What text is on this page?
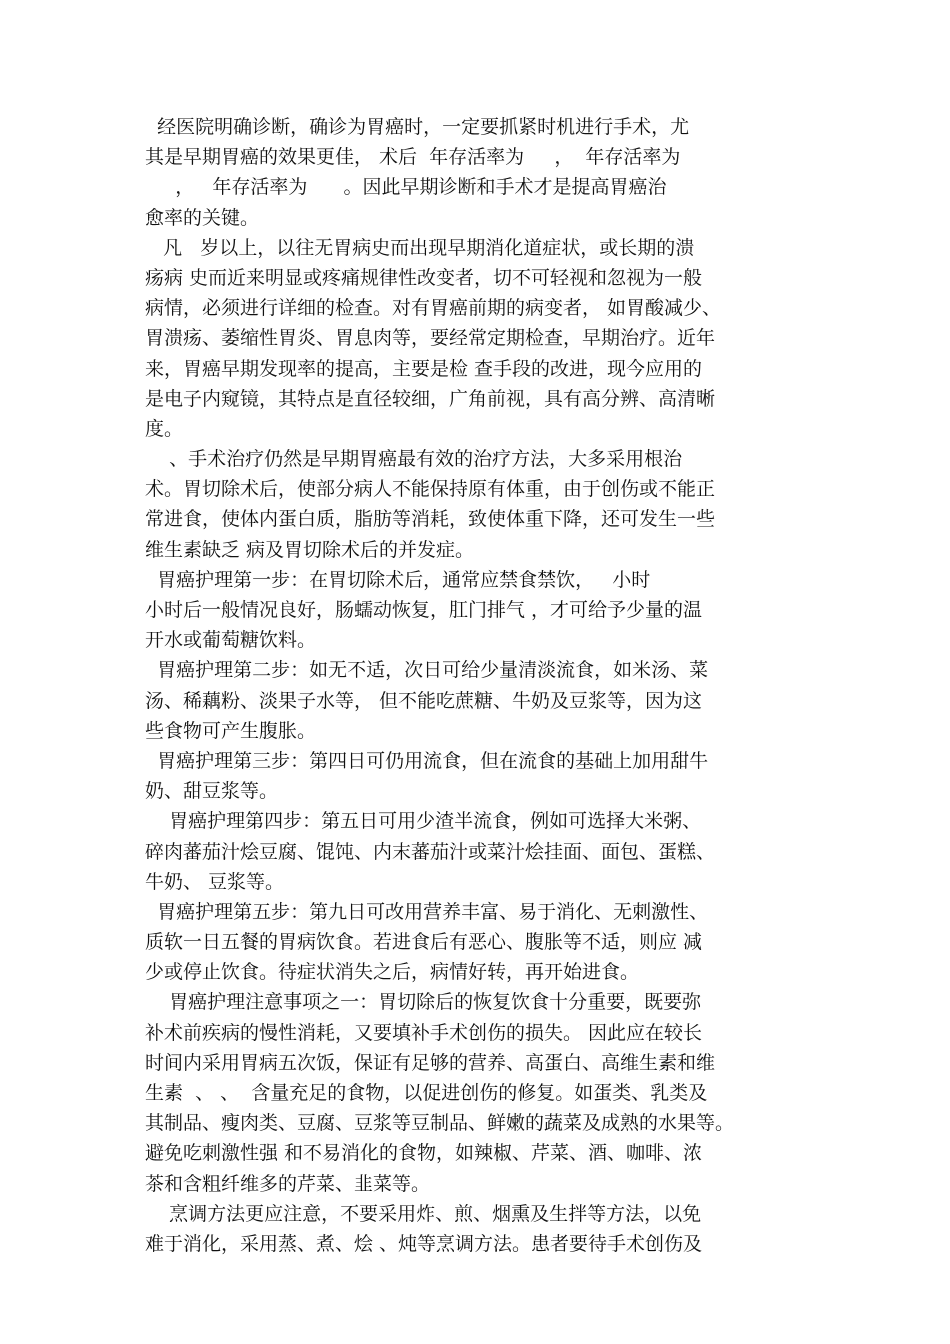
经医院明确诊断，确诊为胃癌时，一定要抓紧时机进行手术，尤
其是早期胃癌的效果更佳， 术后  年存活率为     ，  年存活率为
，   年存活率为      。因此早期诊断和手术才是提高胃癌治
愈率的关键。
凡   岁以上，以往无胃病史而出现早期消化道症状，或长期的溃
疡病 史而近来明显或疼痛规律性改变者，切不可轻视和忽视为一般
病情，必须进行详细的检查。对有胃癌前期的病变者， 如胃酸减少、
胃溃疡、萎缩性胃炎、胃息肉等，要经常定期检查，早期治疗。近年
来，胃癌早期发现率的提高，主要是检 查手段的改进，现今应用的
是电子内窥镜，其特点是直径较细，广角前视，具有高分辨、高清晰
度。
、手术治疗仍然是早期胃癌最有效的治疗方法，大多采用根治
术。胃切除术后，使部分病人不能保持原有体重，由于创伤或不能正
常进食，使体内蛋白质，脂肪等消耗，致使体重下降，还可发生一些
维生素缺乏 病及胃切除术后的并发症。
胃癌护理第一步：在胃切除术后，通常应禁食禁饮，   小时
小时后一般情况良好，肠蠕动恢复，肛门排气 ，才可给予少量的温
开水或葡萄糖饮料。
胃癌护理第二步：如无不适，次日可给少量清淡流食，如米汤、菜
汤、稀藕粉、淡果子水等， 但不能吃蔗糖、牛奶及豆浆等，因为这
些食物可产生腹胀。
胃癌护理第三步：第四日可仍用流食，但在流食的基础上加用甜牛
奶、甜豆浆等。
胃癌护理第四步：第五日可用少渣半流食，例如可选择大米粥、
碎肉蕃茄汁烩豆腐、馄饨、内末蕃茄汁或菜汁烩挂面、面包、蛋糕、
牛奶、 豆浆等。
胃癌护理第五步：第九日可改用营养丰富、易于消化、无刺激性、
质软一日五餐的胃病饮食。若进食后有恶心、腹胀等不适，则应 减
少或停止饮食。待症状消失之后，病情好转，再开始进食。
胃癌护理注意事项之一：胃切除后的恢复饮食十分重要，既要弥
补术前疾病的慢性消耗，又要填补手术创伤的损失。 因此应在较长
时间内采用胃病五次饭，保证有足够的营养、高蛋白、高维生素和维
生素  、 、  含量充足的食物，以促进创伤的修复。如蛋类、乳类及
其制品、瘦肉类、豆腐、豆浆等豆制品、鲜嫩的蔬菜及成熟的水果等。
避免吃刺激性强 和不易消化的食物，如辣椒、芹菜、酒、咖啡、浓
茶和含粗纤维多的芹菜、韭菜等。
烹调方法更应注意，不要采用炸、煎、烟熏及生拌等方法，以免
难于消化，采用蒸、煮、烩 、炖等烹调方法。患者要待手术创伤及
